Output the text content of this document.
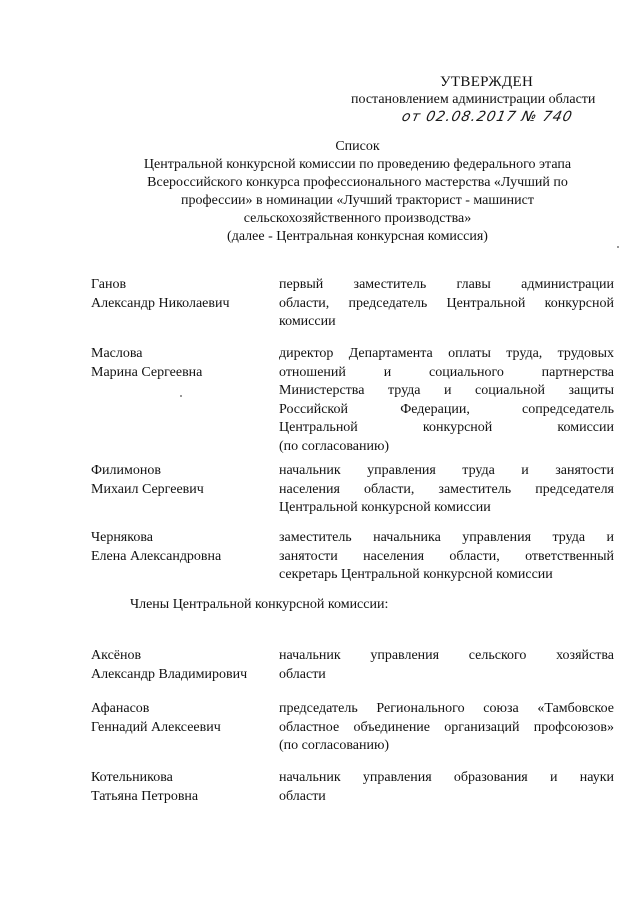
УТВЕРЖДЕН
постановлением администрации области
от 02.08.2017 № 740
Список
Центральной конкурсной комиссии по проведению федерального этапа
Всероссийского конкурса профессионального мастерства «Лучший по
профессии» в номинации «Лучший тракторист - машинист
сельскохозяйственного производства»
(далее - Центральная конкурсная комиссия)
Ганов
Александр Николаевич
первый заместитель главы администрации
области, председатель Центральной конкурсной
комиссии
Маслова
Марина Сергеевна
директор Департамента оплаты труда, трудовых
отношений и социального партнерства
Министерства труда и социальной защиты
Российской Федерации, сопредседатель
Центральной конкурсной комиссии
(по согласованию)
Филимонов
Михаил Сергеевич
начальник управления труда и занятости
населения области, заместитель председателя
Центральной конкурсной комиссии
Чернякова
Елена Александровна
заместитель начальника управления труда и
занятости населения области, ответственный
секретарь Центральной конкурсной комиссии
Члены Центральной конкурсной комиссии:
Аксёнов
Александр Владимирович
начальник управления сельского хозяйства
области
Афанасов
Геннадий Алексеевич
председатель Регионального союза «Тамбовское
областное объединение организаций профсоюзов»
(по согласованию)
Котельникова
Татьяна Петровна
начальник управления образования и науки
области
